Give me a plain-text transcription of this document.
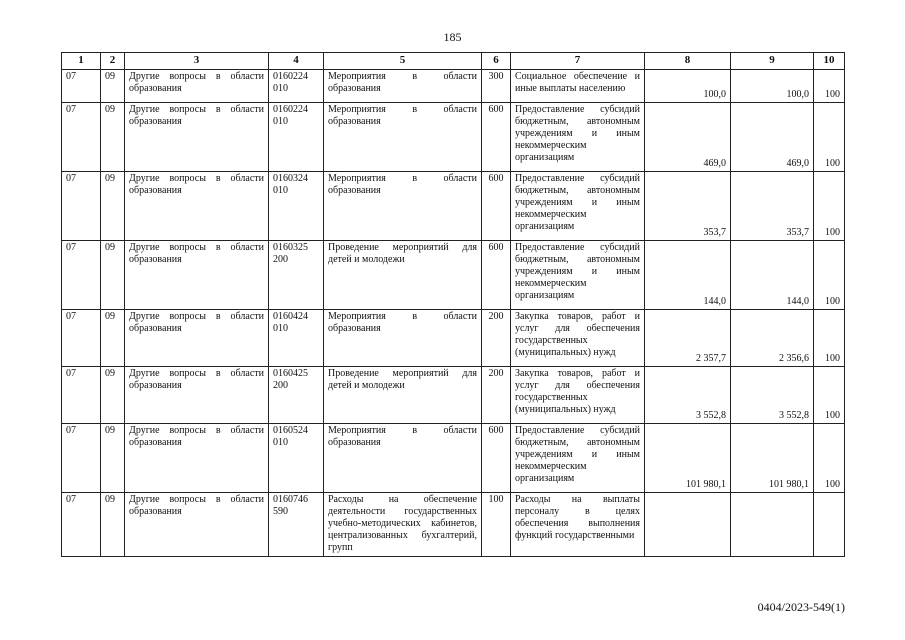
185
1	2	3	4	5	6	7	8	9	10
07	09	Другие вопросы в области образования	0160224 010	Мероприятия в области образования	300	Социальное обеспечение и иные выплаты населению	100,0	100,0	100
07	09	Другие вопросы в области образования	0160224 010	Мероприятия в области образования	600	Предоставление субсидий бюджетным, автономным учреждениям и иным некоммерческим организациям	469,0	469,0	100
07	09	Другие вопросы в области образования	0160324 010	Мероприятия в области образования	600	Предоставление субсидий бюджетным, автономным учреждениям и иным некоммерческим организациям	353,7	353,7	100
07	09	Другие вопросы в области образования	0160325 200	Проведение мероприятий для детей и молодежи	600	Предоставление субсидий бюджетным, автономным учреждениям и иным некоммерческим организациям	144,0	144,0	100
07	09	Другие вопросы в области образования	0160424 010	Мероприятия в области образования	200	Закупка товаров, работ и услуг для обеспечения государственных (муниципальных) нужд	2 357,7	2 356,6	100
07	09	Другие вопросы в области образования	0160425 200	Проведение мероприятий для детей и молодежи	200	Закупка товаров, работ и услуг для обеспечения государственных (муниципальных) нужд	3 552,8	3 552,8	100
07	09	Другие вопросы в области образования	0160524 010	Мероприятия в области образования	600	Предоставление субсидий бюджетным, автономным учреждениям и иным некоммерческим организациям	101 980,1	101 980,1	100
07	09	Другие вопросы в области образования	0160746 590	Расходы на обеспечение деятельности государственных учебно-методических кабинетов, централизованных бухгалтерий, групп	100	Расходы на выплаты персоналу в целях обеспечения выполнения функций государственными			
0404/2023-549(1)
